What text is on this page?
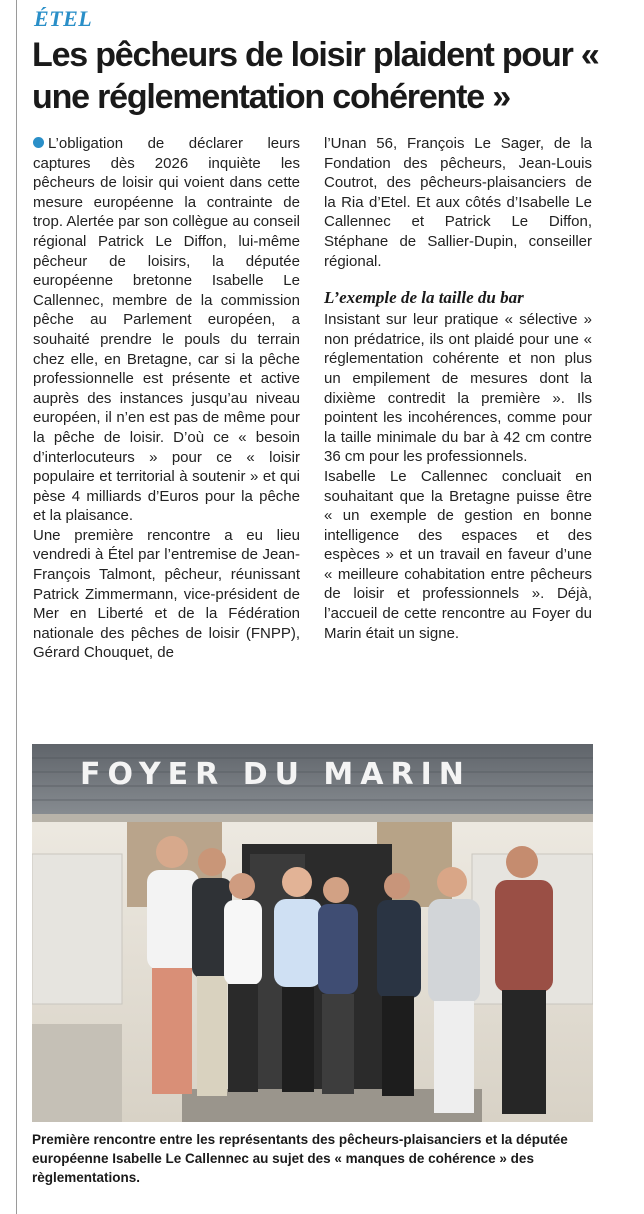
ÉTEL
Les pêcheurs de loisir plaident pour « une réglementation cohérente »

L’obligation de déclarer leurs captures dès 2026 inquiète les pêcheurs de loisir qui voient dans cette mesure européenne la contrainte de trop. Alertée par son collègue au conseil régional Patrick Le Diffon, lui-même pêcheur de loisirs, la députée européenne bretonne Isabelle Le Callennec, membre de la commission pêche au Parlement européen, a souhaité prendre le pouls du terrain chez elle, en Bretagne, car si la pêche professionnelle est présente et active auprès des instances jusqu’au niveau européen, il n’en est pas de même pour la pêche de loisir. D’où ce « besoin d’interlocuteurs » pour ce « loisir populaire et territorial à soutenir » et qui pèse 4 milliards d’Euros pour la pêche et la plaisance.

Une première rencontre a eu lieu vendredi à Étel par l’entremise de Jean-François Talmont, pêcheur, réunissant Patrick Zimmermann, vice-président de Mer en Liberté et de la Fédération nationale des pêches de loisir (FNPP), Gérard Chouquet, de

l’Unan 56, François Le Sager, de la Fondation des pêcheurs, Jean-Louis Coutrot, des pêcheurs-plaisanciers de la Ria d’Etel. Et aux côtés d’Isabelle Le Callennec et Patrick Le Diffon, Stéphane de Sallier-Dupin, conseiller régional.

L’exemple de la taille du bar

Insistant sur leur pratique « sélective » non prédatrice, ils ont plaidé pour une « réglementation cohérente et non plus un empilement de mesures dont la dixième contredit la première ». Ils pointent les incohérences, comme pour la taille minimale du bar à 42 cm contre 36 cm pour les professionnels.

Isabelle Le Callennec concluait en souhaitant que la Bretagne puisse être « un exemple de gestion en bonne intelligence des espaces et des espèces » et un travail en faveur d’une « meilleure cohabitation entre pêcheurs de loisir et professionnels ». Déjà, l’accueil de cette rencontre au Foyer du Marin était un signe.

FOYER DU MARIN

Première rencontre entre les représentants des pêcheurs-plaisanciers et la députée européenne Isabelle Le Callennec au sujet des « manques de cohérence » des règlementations.
